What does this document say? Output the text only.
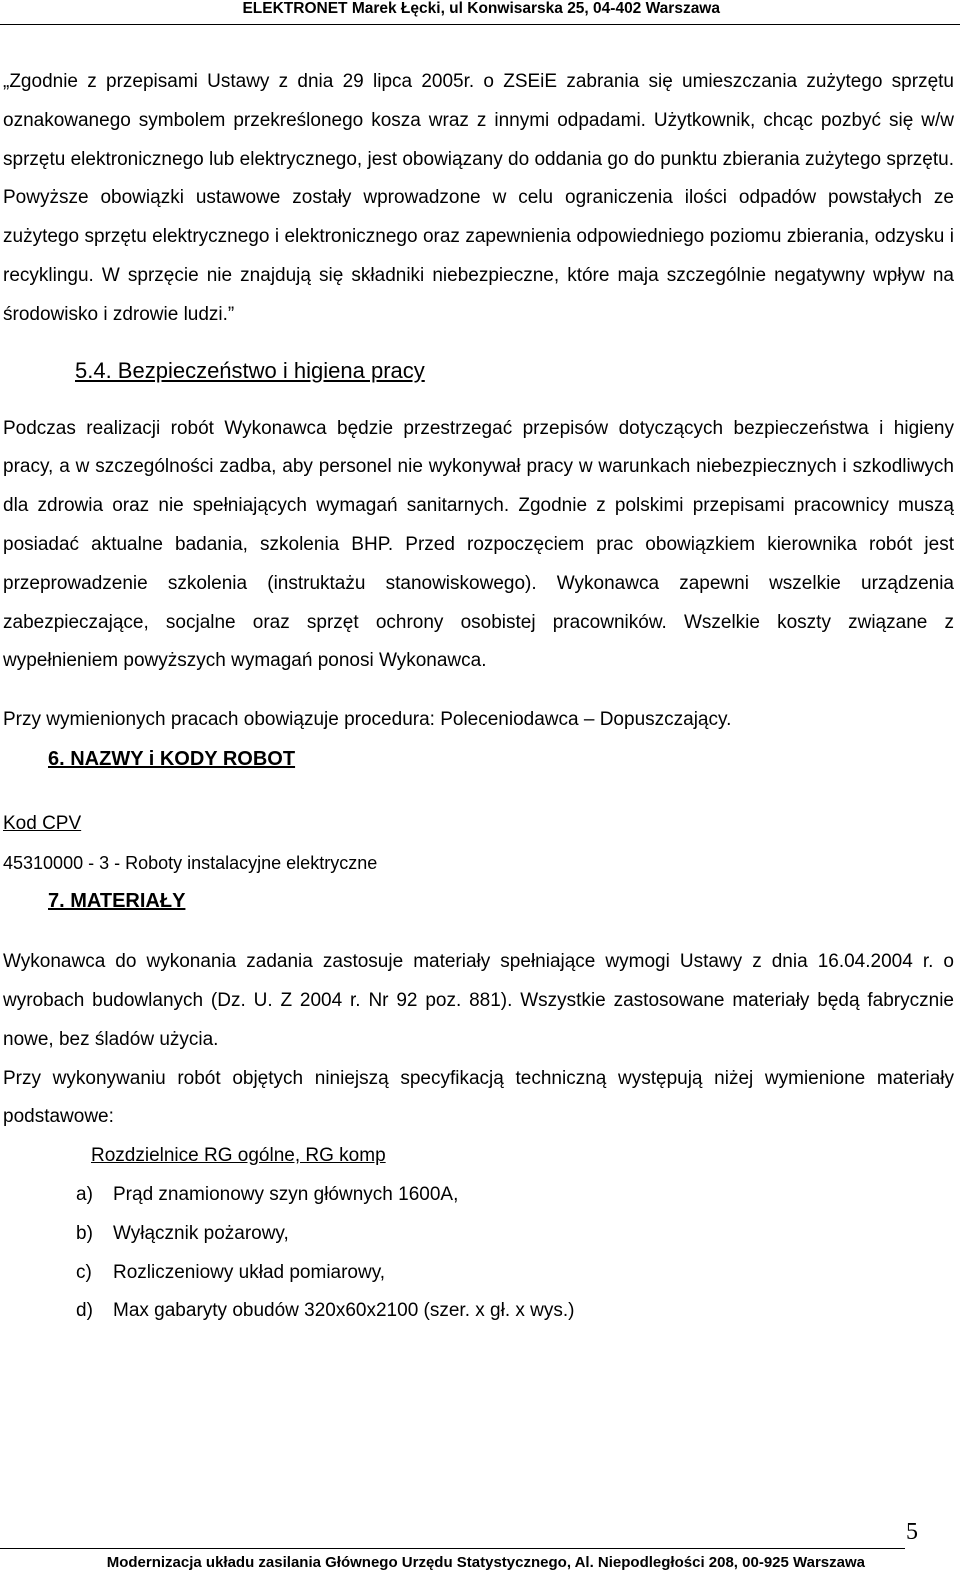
ELEKTRONET Marek Łęcki, ul Konwisarska 25, 04-402 Warszawa

„Zgodnie z przepisami Ustawy z dnia 29 lipca 2005r. o ZSEiE zabrania się umieszczania zużytego sprzętu oznakowanego symbolem przekreślonego kosza wraz z innymi odpadami. Użytkownik, chcąc pozbyć się w/w sprzętu elektronicznego lub elektrycznego, jest obowiązany do oddania go do punktu zbierania zużytego sprzętu. Powyższe obowiązki ustawowe zostały wprowadzone w celu ograniczenia ilości odpadów powstałych ze zużytego sprzętu elektrycznego i elektronicznego oraz zapewnienia odpowiedniego poziomu zbierania, odzysku i recyklingu. W sprzęcie nie znajdują się składniki niebezpieczne, które maja szczególnie negatywny wpływ na środowisko i zdrowie ludzi.”

5.4. Bezpieczeństwo i higiena pracy

Podczas realizacji robót Wykonawca będzie przestrzegać przepisów dotyczących bezpieczeństwa i higieny pracy, a w szczególności zadba, aby personel nie wykonywał pracy w warunkach niebezpiecznych i szkodliwych dla zdrowia oraz nie spełniających wymagań sanitarnych. Zgodnie z polskimi przepisami pracownicy muszą posiadać aktualne badania, szkolenia BHP. Przed rozpoczęciem prac obowiązkiem kierownika robót jest przeprowadzenie szkolenia (instruktażu stanowiskowego). Wykonawca zapewni wszelkie urządzenia zabezpieczające, socjalne oraz sprzęt ochrony osobistej pracowników. Wszelkie koszty związane z wypełnieniem powyższych wymagań ponosi Wykonawca.

Przy wymienionych pracach obowiązuje procedura: Poleceniodawca – Dopuszczający.

6. NAZWY i KODY ROBOT

Kod CPV

45310000 - 3 - Roboty instalacyjne elektryczne

7. MATERIAŁY

Wykonawca do wykonania zadania zastosuje materiały spełniające wymogi Ustawy z dnia 16.04.2004 r. o wyrobach budowlanych (Dz. U. Z 2004 r. Nr 92 poz. 881). Wszystkie zastosowane materiały będą fabrycznie nowe, bez śladów użycia.

Przy wykonywaniu robót objętych niniejszą specyfikacją techniczną występują niżej wymienione materiały podstawowe:

Rozdzielnice RG ogólne, RG komp

a)	Prąd znamionowy szyn głównych 1600A,
b)	Wyłącznik pożarowy,
c)	Rozliczeniowy układ pomiarowy,
d)	Max gabaryty obudów 320x60x2100 (szer. x gł. x wys.)
5
Modernizacja układu zasilania Głównego Urzędu Statystycznego, Al. Niepodległości 208, 00-925 Warszawa
